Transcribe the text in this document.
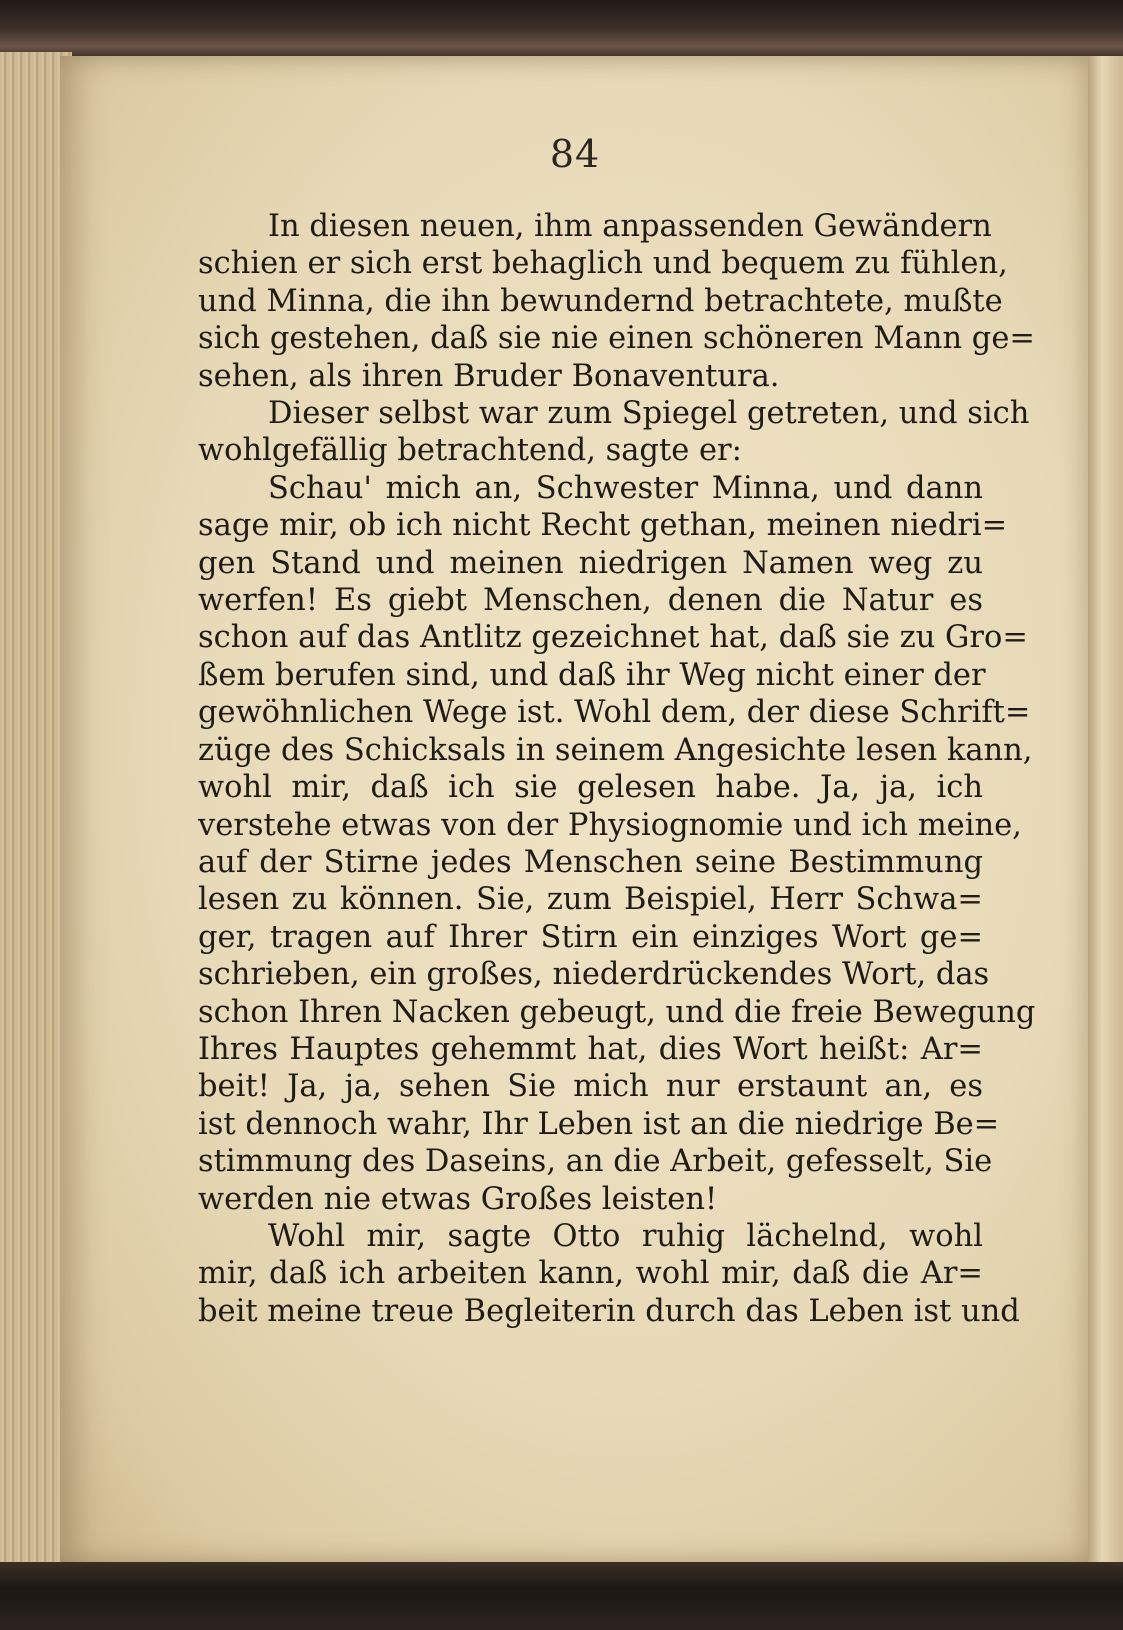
84
In diesen neuen, ihm anpassenden Gewändern
schien er sich erst behaglich und bequem zu fühlen,
und Minna, die ihn bewundernd betrachtete, mußte
sich gestehen, daß sie nie einen schöneren Mann ge=
sehen, als ihren Bruder Bonaventura.
Dieser selbst war zum Spiegel getreten, und sich
wohlgefällig betrachtend, sagte er:
Schau' mich an, Schwester Minna, und dann
sage mir, ob ich nicht Recht gethan, meinen niedri=
gen Stand und meinen niedrigen Namen weg zu
werfen! Es giebt Menschen, denen die Natur es
schon auf das Antlitz gezeichnet hat, daß sie zu Gro=
ßem berufen sind, und daß ihr Weg nicht einer der
gewöhnlichen Wege ist. Wohl dem, der diese Schrift=
züge des Schicksals in seinem Angesichte lesen kann,
wohl mir, daß ich sie gelesen habe. Ja, ja, ich
verstehe etwas von der Physiognomie und ich meine,
auf der Stirne jedes Menschen seine Bestimmung
lesen zu können. Sie, zum Beispiel, Herr Schwa=
ger, tragen auf Ihrer Stirn ein einziges Wort ge=
schrieben, ein großes, niederdrückendes Wort, das
schon Ihren Nacken gebeugt, und die freie Bewegung
Ihres Hauptes gehemmt hat, dies Wort heißt: Ar=
beit! Ja, ja, sehen Sie mich nur erstaunt an, es
ist dennoch wahr, Ihr Leben ist an die niedrige Be=
stimmung des Daseins, an die Arbeit, gefesselt, Sie
werden nie etwas Großes leisten!
Wohl mir, sagte Otto ruhig lächelnd, wohl
mir, daß ich arbeiten kann, wohl mir, daß die Ar=
beit meine treue Begleiterin durch das Leben ist und
